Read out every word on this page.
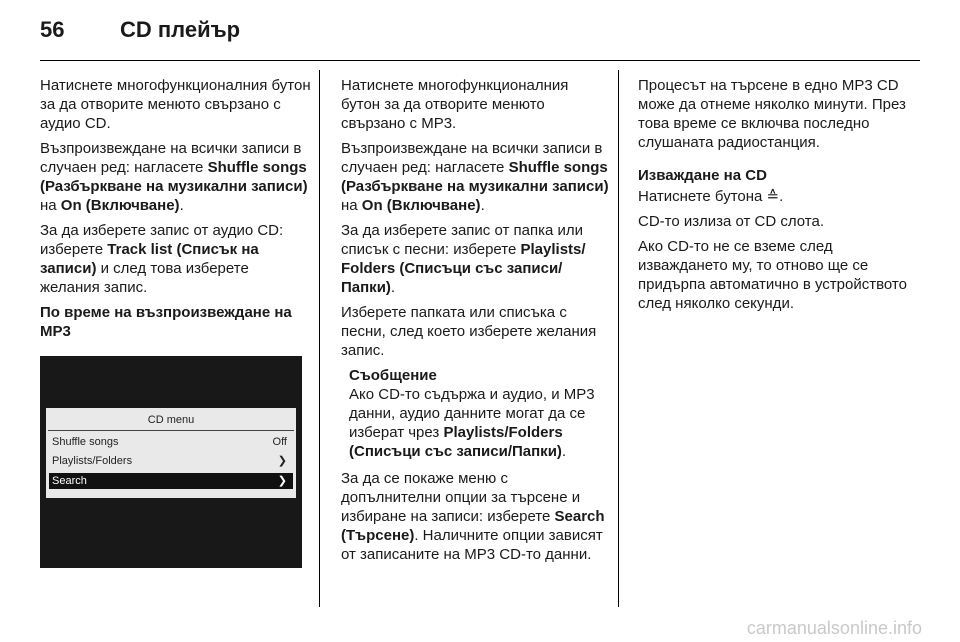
56	CD плейър

Натиснете многофункционалния бутон за да отворите менюто свързано с аудио CD.

Възпроизвеждане на всички записи в случаен ред: нагласете Shuffle songs (Разбъркване на музикални записи) на On (Включване).

За да изберете запис от аудио CD: изберете Track list (Списък на записи) и след това изберете желания запис.

По време на възпроизвеждане на MP3

CD menu
Shuffle songs	Off
Playlists/Folders	❯
Search	❯

Натиснете многофункционалния бутон за да отворите менюто свързано с MP3.

Възпроизвеждане на всички записи в случаен ред: нагласете Shuffle songs (Разбъркване на музикални записи) на On (Включване).

За да изберете запис от папка или списък с песни: изберете Playlists/ Folders (Списъци със записи/ Папки).

Изберете папката или списъка с песни, след което изберете желания запис.

Съобщение
Ако CD-то съдържа и аудио, и MP3 данни, аудио данните могат да се изберат чрез Playlists/Folders (Списъци със записи/Папки).

За да се покаже меню с допълнителни опции за търсене и избиране на записи: изберете Search (Търсене). Наличните опции зависят от записаните на MP3 CD-то данни.

Процесът на търсене в едно MP3 CD може да отнеме няколко минути. През това време се включва последно слушаната радиостанция.

Изваждане на CD

Натиснете бутона ≙.

CD-то излиза от CD слота.

Ако CD-то не се вземе след изваждането му, то отново ще се придърпа автоматично в устройството след няколко секунди.

carmanualsonline.info
